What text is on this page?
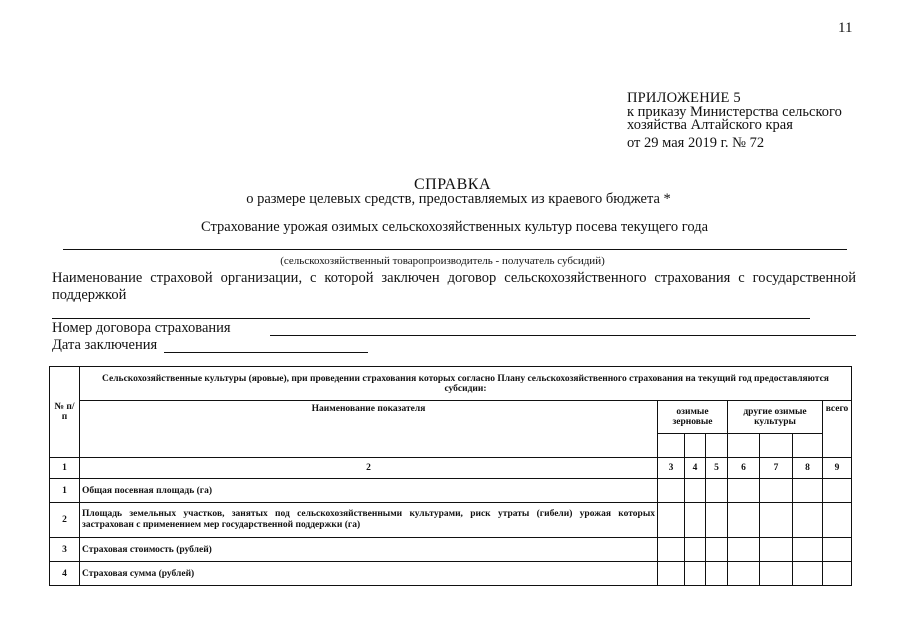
11
ПРИЛОЖЕНИЕ 5
к приказу Министерства сельского
хозяйства Алтайского края
от 29 мая 2019 г. № 72
СПРАВКА
о размере целевых средств, предоставляемых из краевого бюджета *
Страхование урожая озимых сельскохозяйственных культур посева текущего года
(сельскохозяйственный товаропроизводитель - получатель субсидий)
Наименование страховой организации, с которой заключен договор сельскохозяйственного страхования с государственной поддержкой
Номер договора страхования
Дата заключения
№ п/п	Сельскохозяйственные культуры (яровые), при проведении страхования которых согласно Плану сельскохозяйственного страхования на текущий год предоставляются субсидии:							
	Наименование показателя	озимые зерновые			другие озимые культуры			всего

1	2	3	4	5	6	7	8	9
1	Общая посевная площадь (га)							
2	Площадь земельных участков, занятых под сельскохозяйственными культурами, риск утраты (гибели) урожая которых застрахован с применением мер государственной поддержки (га)							
3	Страховая стоимость (рублей)							
4	Страховая сумма (рублей)							
